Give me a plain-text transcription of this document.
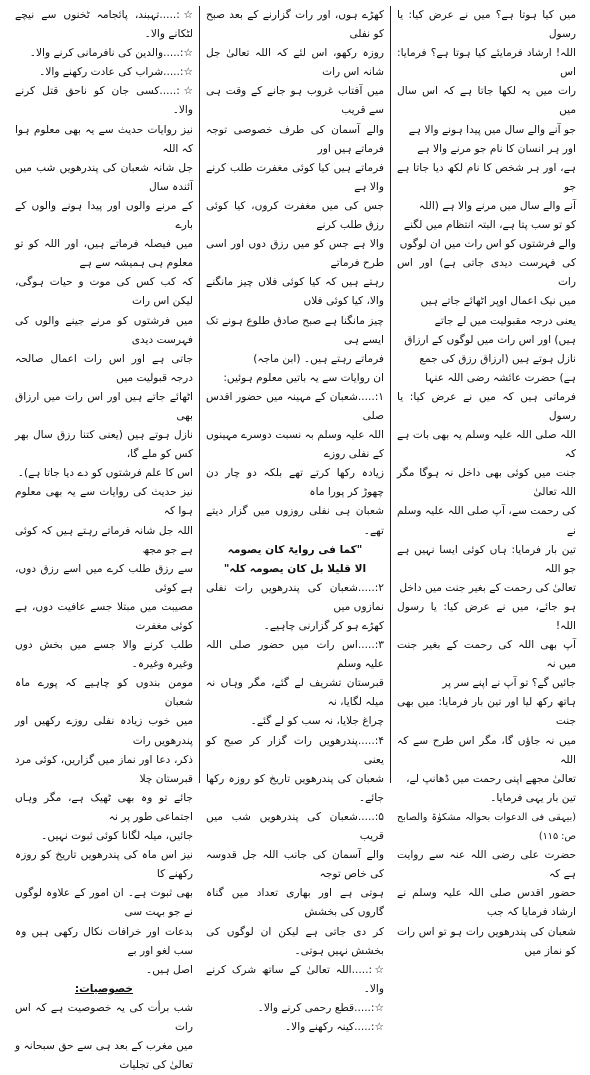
میں کیا ہوتا ہے؟ میں نے عرض کیا: یا رسول

اللہ! ارشاد فرمایئے کیا ہوتا ہے؟ فرمایا: اس

رات میں یہ لکھا جاتا ہے کہ اس سال میں

جو آنے والے سال میں پیدا ہونے والا ہے

اور ہر انسان کا نام جو مرنے والا ہے

ہے، اور ہر شخص کا نام لکھ دیا جاتا ہے جو

آنے والے سال میں مرنے والا ہے (اللہ

کو تو سب پتا ہے، البتہ انتظام میں لگنے

والے فرشتوں کو اس رات میں ان لوگوں

کی فہرست دیدی جاتی ہے) اور اس رات

میں نیک اعمال اوپر اٹھائے جاتے ہیں

یعنی درجہ مقبولیت میں لے جاتے

ہیں) اور اس رات میں لوگوں کے ارزاق

نازل ہوتے ہیں (ارزاق رزق کی جمع

ہے) حضرت عائشہ رضی اللہ عنہا

فرماتی ہیں کہ میں نے عرض کیا: یا رسول

اللہ صلی اللہ علیہ وسلم یہ بھی بات ہے کہ

جنت میں کوئی بھی داخل نہ ہوگا مگر اللہ تعالیٰ

کی رحمت سے، آپ صلی اللہ علیہ وسلم نے

تین بار فرمایا: ہاں کوئی ایسا نہیں ہے جو اللہ

تعالیٰ کی رحمت کے بغیر جنت میں داخل

ہو جائے، میں نے عرض کیا: یا رسول اللہ!

آپ بھی اللہ کی رحمت کے بغیر جنت میں نہ

جائیں گے؟ تو آپ نے اپنے سر پر

ہاتھ رکھ لیا اور تین بار فرمایا: میں بھی جنت

میں نہ جاؤں گا، مگر اس طرح سے کہ اللہ

تعالیٰ مجھے اپنی رحمت میں ڈھانپ لے،

تین بار یہی فرمایا۔

(بیہقی فی الدعوات بحوالہ مشکوٰۃ والصابح ص: ۱۱۵)

حضرت علی رضی اللہ عنہ سے روایت ہے کہ

حضور اقدس صلی اللہ علیہ وسلم نے ارشاد فرمایا کہ جب

شعبان کی پندرھویں رات ہو تو اس رات کو نماز میں

کھڑے ہوں، اور رات گزارنے کے بعد صبح کو نفلی

روزہ رکھو، اس لئے کہ اللہ تعالیٰ جل شانہ اس رات

میں آفتاب غروب ہو جانے کے وقت ہی سے قریب

والے آسمان کی طرف خصوصی توجہ فرماتے ہیں اور

فرماتے ہیں کیا کوئی مغفرت طلب کرنے والا ہے

جس کی میں مغفرت کروں، کیا کوئی رزق طلب کرنے

والا ہے جس کو میں رزق دوں اور اسی طرح فرماتے

رہتے ہیں کہ کیا کوئی فلاں چیز مانگنے والا، کیا کوئی فلاں

چیز مانگنا ہے صبح صادق طلوع ہونے تک ایسے ہی

فرماتے رہتے ہیں۔ (ابن ماجہ)

ان روایات سے یہ باتیں معلوم ہوئیں:

۱:.....شعبان کے مہینہ میں حضور اقدس صلی

اللہ علیہ وسلم بہ نسبت دوسرے مہینوں کے نفلی روزے

زیادہ رکھا کرتے تھے بلکہ دو چار دن چھوڑ کر پورا ماہ

شعبان ہی نفلی روزوں میں گزار دیتے تھے۔

"کما فی روایۃ کان یصومہ

الا قلیلا بل کان یصومہ کلہ"

۲:.....شعبان کی پندرھویں رات نفلی نمازوں میں

کھڑے ہو کر گزارنی چاہیے۔

۳:.....اس رات میں حضور صلی اللہ علیہ وسلم

قبرستان تشریف لے گئے، مگر وہاں نہ میلہ لگایا، نہ

چراغ جلایا، نہ سب کو لے گئے۔

۴:.....پندرھویں رات گزار کر صبح کو یعنی

شعبان کی پندرھویں تاریخ کو روزہ رکھا جائے۔

۵:.....شعبان کی پندرھویں شب میں قریب

والے آسمان کی جانب اللہ جل قدوسہ کی خاص توجہ

ہوتی ہے اور بھاری تعداد میں گناہ گاروں کی بخشش

کر دی جاتی ہے لیکن ان لوگوں کی بخشش نہیں ہوتی۔

☆:.....اللہ تعالیٰ کے ساتھ شرک کرنے والا۔

☆:.....قطع رحمی کرنے والا۔

☆:.....کینہ رکھنے والا۔

☆:.....تہبند، پائجامہ ٹخنوں سے نیچے لٹکانے والا۔

☆:.....والدین کی نافرمانی کرنے والا۔

☆:.....شراب کی عادت رکھنے والا۔

☆:.....کسی جان کو ناحق قتل کرنے والا۔

نیز روایات حدیث سے یہ بھی معلوم ہوا کہ اللہ

جل شانہ شعبان کی پندرھویں شب میں آئندہ سال

کے مرنے والوں اور پیدا ہونے والوں کے بارے

میں فیصلہ فرماتے ہیں، اور اللہ کو تو معلوم ہی ہمیشہ سے ہے

کہ کب کس کی موت و حیات ہوگی، لیکن اس رات

میں فرشتوں کو مرنے جینے والوں کی فہرست دیدی

جاتی ہے اور اس رات اعمال صالحہ درجہ قبولیت میں

اٹھائے جاتے ہیں اور اس رات میں ارزاق بھی

نازل ہوتے ہیں (یعنی کتنا رزق سال بھر کس کو ملے گا،

اس کا علم فرشتوں کو دے دیا جاتا ہے)۔

نیز حدیث کی روایات سے یہ بھی معلوم ہوا کہ

اللہ جل شانہ فرماتے رہتے ہیں کہ کوئی ہے جو مجھ

سے رزق طلب کرے میں اسے رزق دوں، ہے کوئی

مصیبت میں مبتلا جسے عافیت دوں، ہے کوئی مغفرت

طلب کرنے والا جسے میں بخش دوں وغیرہ وغیرہ۔

مومن بندوں کو چاہیے کہ پورے ماہ شعبان

میں خوب زیادہ نفلی روزے رکھیں اور پندرھویں رات

ذکر، دعا اور نماز میں گزاریں، کوئی مرد قبرستان چلا

جائے تو وہ بھی ٹھیک ہے، مگر وہاں اجتماعی طور پر نہ

جائیں، میلہ لگانا کوئی ثبوت نہیں۔

نیز اس ماہ کی پندرھویں تاریخ کو روزہ رکھنے کا

بھی ثبوت ہے۔ ان امور کے علاوہ لوگوں نے جو بہت سی

بدعات اور خرافات نکال رکھی ہیں وہ سب لغو اور بے

اصل ہیں۔

خصوصیات:

شب برأت کی یہ خصوصیت ہے کہ اس رات

میں مغرب کے بعد ہی سے حق سبحانہ و تعالیٰ کی تجلیات
